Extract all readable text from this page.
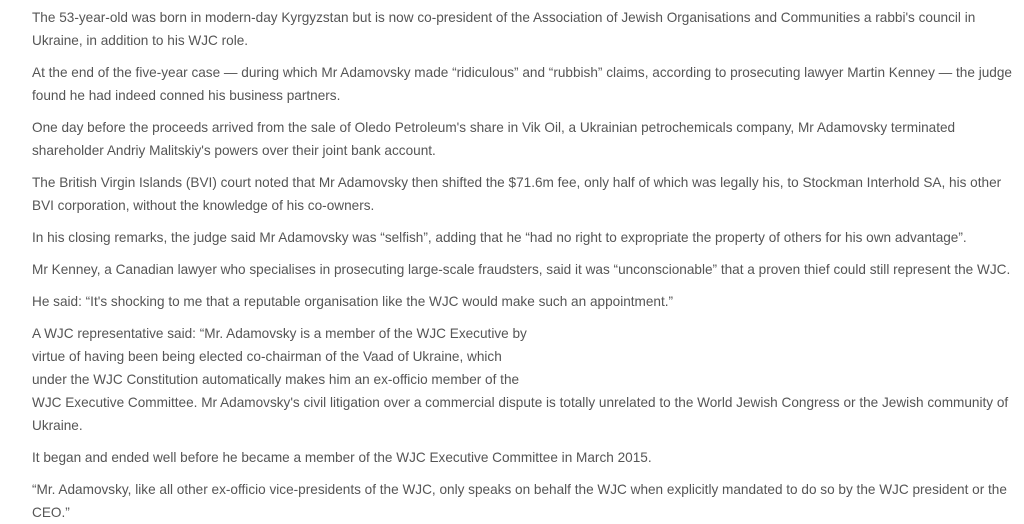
The 53-year-old was born in modern-day Kyrgyzstan but is now co-president of the Association of Jewish Organisations and Communities a rabbi's council in Ukraine, in addition to his WJC role.

At the end of the five-year case — during which Mr Adamovsky made “ridiculous” and “rubbish” claims, according to prosecuting lawyer Martin Kenney — the judge found he had indeed conned his business partners.

One day before the proceeds arrived from the sale of Oledo Petroleum's share in Vik Oil, a Ukrainian petrochemicals company, Mr Adamovsky terminated shareholder Andriy Malitskiy's powers over their joint bank account.

The British Virgin Islands (BVI) court noted that Mr Adamovsky then shifted the $71.6m fee, only half of which was legally his, to Stockman Interhold SA, his other BVI corporation, without the knowledge of his co-owners.

In his closing remarks, the judge said Mr Adamovsky was “selfish”, adding that he “had no right to expropriate the property of others for his own advantage”.

Mr Kenney, a Canadian lawyer who specialises in prosecuting large-scale fraudsters, said it was “unconscionable” that a proven thief could still represent the WJC.

He said: “It's shocking to me that a reputable organisation like the WJC would make such an appointment.”

A WJC representative said: “Mr. Adamovsky is a member of the WJC Executive by
virtue of having been being elected co-chairman of the Vaad of Ukraine, which
under the WJC Constitution automatically makes him an ex-officio member of the
WJC Executive Committee. Mr Adamovsky's civil litigation over a commercial dispute is totally unrelated to the World Jewish Congress or the Jewish community of Ukraine.

It began and ended well before he became a member of the WJC Executive Committee in March 2015.

“Mr. Adamovsky, like all other ex-officio vice-presidents of the WJC, only speaks on behalf the WJC when explicitly mandated to do so by the WJC president or the CEO.”
